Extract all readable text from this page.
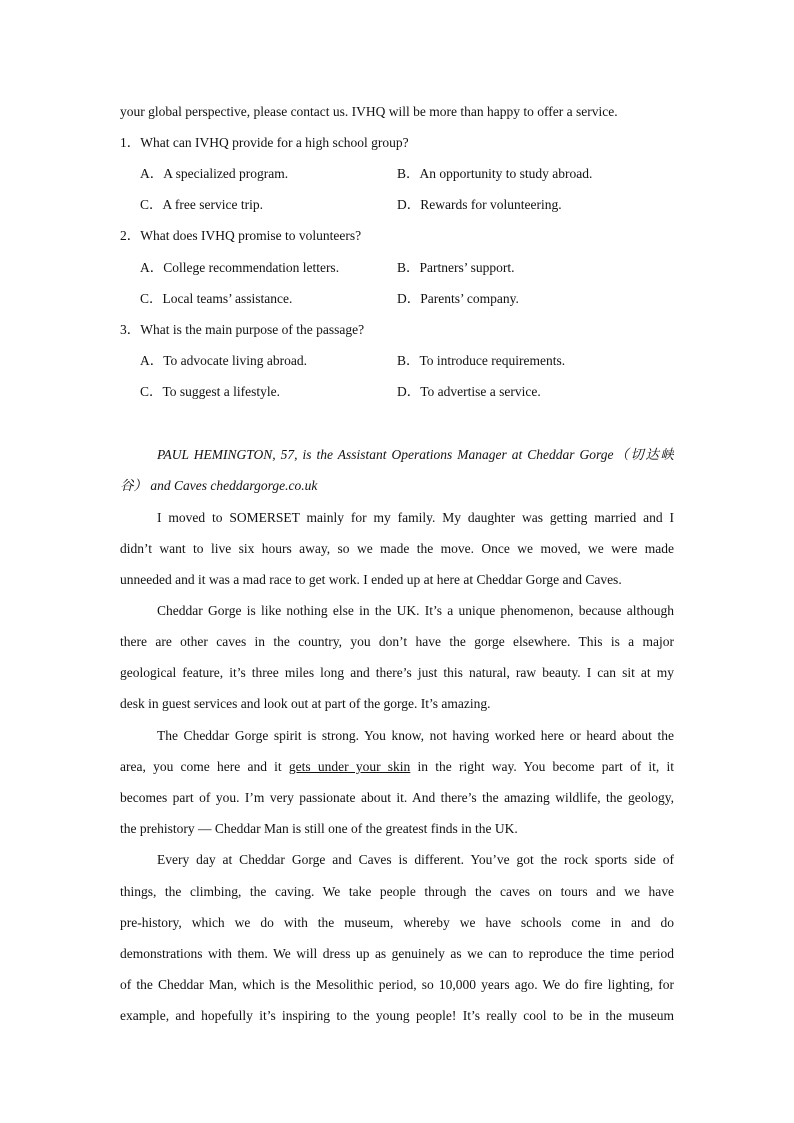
your global perspective, please contact us. IVHQ will be more than happy to offer a service.
1．What can IVHQ provide for a high school group?
A．A specialized program.	B．An opportunity to study abroad.
C．A free service trip.	D．Rewards for volunteering.
2．What does IVHQ promise to volunteers?
A．College recommendation letters.	B．Partners’ support.
C．Local teams’ assistance.	D．Parents’ company.
3．What is the main purpose of the passage?
A．To advocate living abroad.	B．To introduce requirements.
C．To suggest a lifestyle.	D．To advertise a service.
PAUL HEMINGTON, 57, is the Assistant Operations Manager at Cheddar Gorge（切达峡
谷） and Caves cheddargorge.co.uk
I moved to SOMERSET mainly for my family. My daughter was getting married and I
didn’t want to live six hours away, so we made the move. Once we moved, we were made
unneeded and it was a mad race to get work. I ended up at here at Cheddar Gorge and Caves.
Cheddar Gorge is like nothing else in the UK. It’s a unique phenomenon, because although
there are other caves in the country, you don’t have the gorge elsewhere. This is a major
geological feature, it’s three miles long and there’s just this natural, raw beauty. I can sit at my
desk in guest services and look out at part of the gorge. It’s amazing.
The Cheddar Gorge spirit is strong. You know, not having worked here or heard about the
area, you come here and it gets under your skin in the right way. You become part of it, it
becomes part of you. I’m very passionate about it. And there’s the amazing wildlife, the geology,
the prehistory — Cheddar Man is still one of the greatest finds in the UK.
Every day at Cheddar Gorge and Caves is different. You’ve got the rock sports side of
things, the climbing, the caving. We take people through the caves on tours and we have
pre-history, which we do with the museum, whereby we have schools come in and do
demonstrations with them. We will dress up as genuinely as we can to reproduce the time period
of the Cheddar Man, which is the Mesolithic period, so 10,000 years ago. We do fire lighting, for
example, and hopefully it’s inspiring to the young people! It’s really cool to be in the museum
